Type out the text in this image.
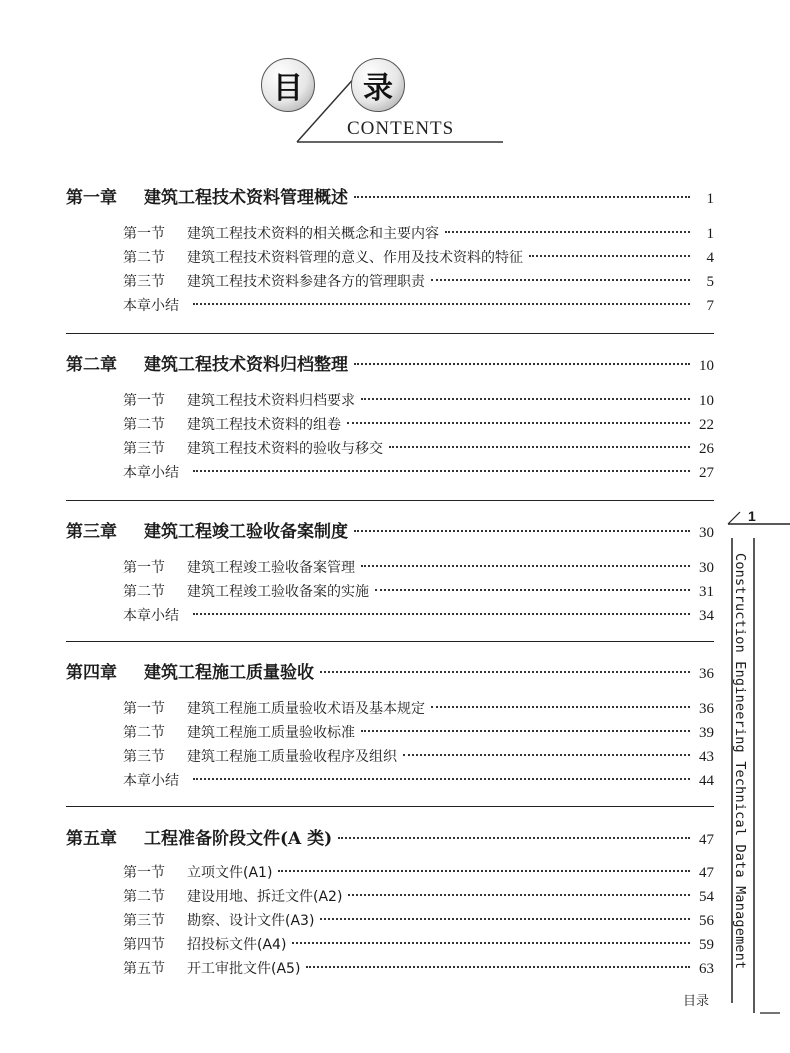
目	录
CONTENTS
第一章	建筑工程技术资料管理概述	1
第一节	建筑工程技术资料的相关概念和主要内容	1
第二节	建筑工程技术资料管理的意义、作用及技术资料的特征	4
第三节	建筑工程技术资料参建各方的管理职责	5
本章小结	7
第二章	建筑工程技术资料归档整理	10
第一节	建筑工程技术资料归档要求	10
第二节	建筑工程技术资料的组卷	22
第三节	建筑工程技术资料的验收与移交	26
本章小结	27
第三章	建筑工程竣工验收备案制度	30
第一节	建筑工程竣工验收备案管理	30
第二节	建筑工程竣工验收备案的实施	31
本章小结	34
第四章	建筑工程施工质量验收	36
第一节	建筑工程施工质量验收术语及基本规定	36
第二节	建筑工程施工质量验收标准	39
第三节	建筑工程施工质量验收程序及组织	43
本章小结	44
第五章	工程准备阶段文件(A 类)	47
第一节	立项文件(A1)	47
第二节	建设用地、拆迁文件(A2)	54
第三节	勘察、设计文件(A3)	56
第四节	招投标文件(A4)	59
第五节	开工审批文件(A5)	63
1
Construction Engineering Technical Data Management
目录
